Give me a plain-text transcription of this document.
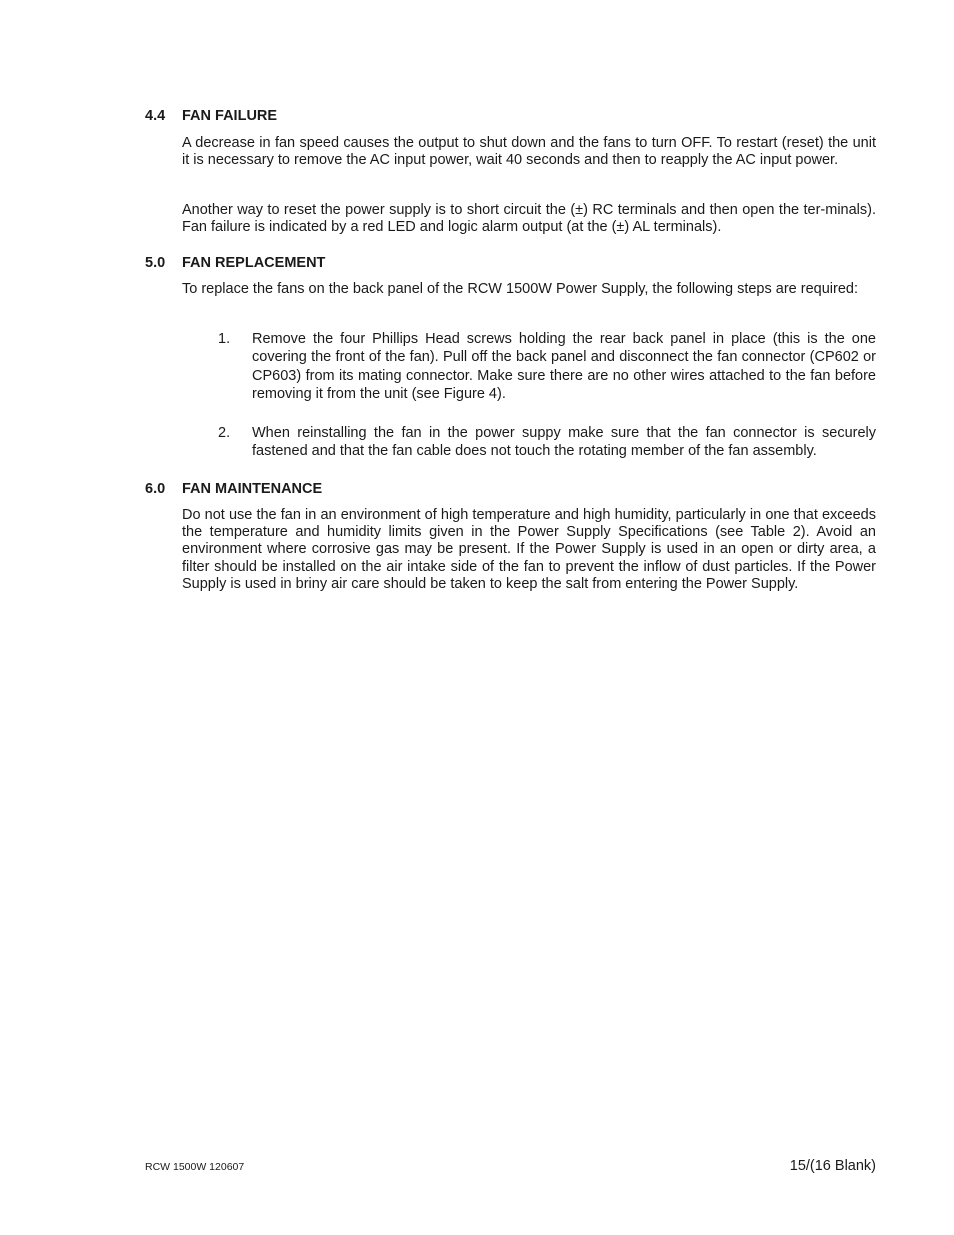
4.4 FAN FAILURE
A decrease in fan speed causes the output to shut down and the fans to turn OFF. To restart (reset) the unit it is necessary to remove the AC input power, wait 40 seconds and then to reapply the AC input power.
Another way to reset the power supply is to short circuit the (±) RC terminals and then open the ter-minals). Fan failure is indicated by a red LED and logic alarm output (at the (±) AL terminals).
5.0 FAN REPLACEMENT
To replace the fans on the back panel of the RCW 1500W Power Supply, the following steps are required:
1. Remove the four Phillips Head screws holding the rear back panel in place (this is the one covering the front of the fan). Pull off the back panel and disconnect the fan connector (CP602 or CP603) from its mating connector. Make sure there are no other wires attached to the fan before removing it from the unit (see Figure 4).
2. When reinstalling the fan in the power suppy make sure that the fan connector is securely fastened and that the fan cable does not touch the rotating member of the fan assembly.
6.0 FAN MAINTENANCE
Do not use the fan in an environment of high temperature and high humidity, particularly in one that exceeds the temperature and humidity limits given in the Power Supply Specifications (see Table 2). Avoid an environment where corrosive gas may be present. If the Power Supply is used in an open or dirty area, a filter should be installed on the air intake side of the fan to prevent the inflow of dust particles. If the Power Supply is used in briny air care should be taken to keep the salt from entering the Power Supply.
RCW 1500W 120607	15/(16 Blank)
